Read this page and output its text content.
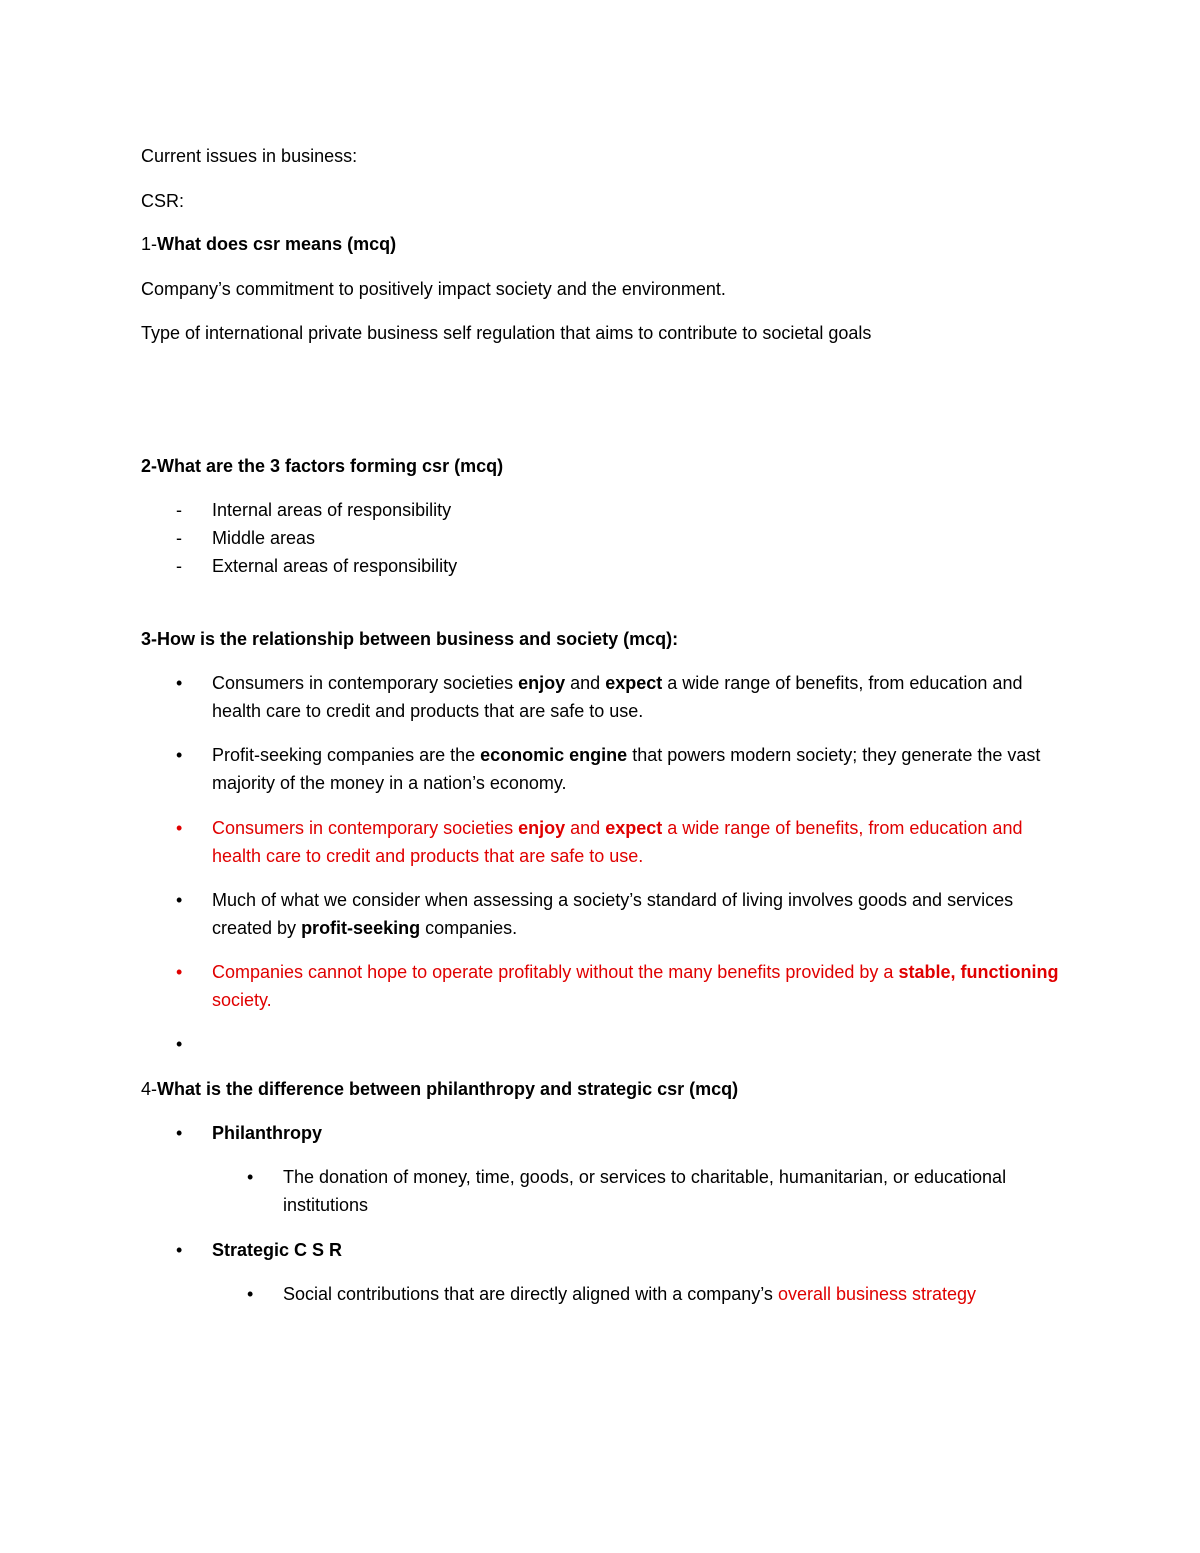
Current issues in business:
CSR:
1-What does csr means (mcq)
Company’s commitment to positively impact society and the environment.
Type of international private business self regulation that aims to contribute to societal goals
2-What are the 3 factors forming csr (mcq)
- Internal areas of responsibility
- Middle areas
- External areas of responsibility
3-How is the relationship between business and society (mcq):
• Consumers in contemporary societies enjoy and expect a wide range of benefits, from education and health care to credit and products that are safe to use.
• Profit-seeking companies are the economic engine that powers modern society; they generate the vast majority of the money in a nation’s economy.
• Consumers in contemporary societies enjoy and expect a wide range of benefits, from education and health care to credit and products that are safe to use.
• Much of what we consider when assessing a society’s standard of living involves goods and services created by profit-seeking companies.
• Companies cannot hope to operate profitably without the many benefits provided by a stable, functioning society.
•
4-What is the difference between philanthropy and strategic csr (mcq)
• Philanthropy
• The donation of money, time, goods, or services to charitable, humanitarian, or educational institutions
• Strategic C S R
• Social contributions that are directly aligned with a company’s overall business strategy
